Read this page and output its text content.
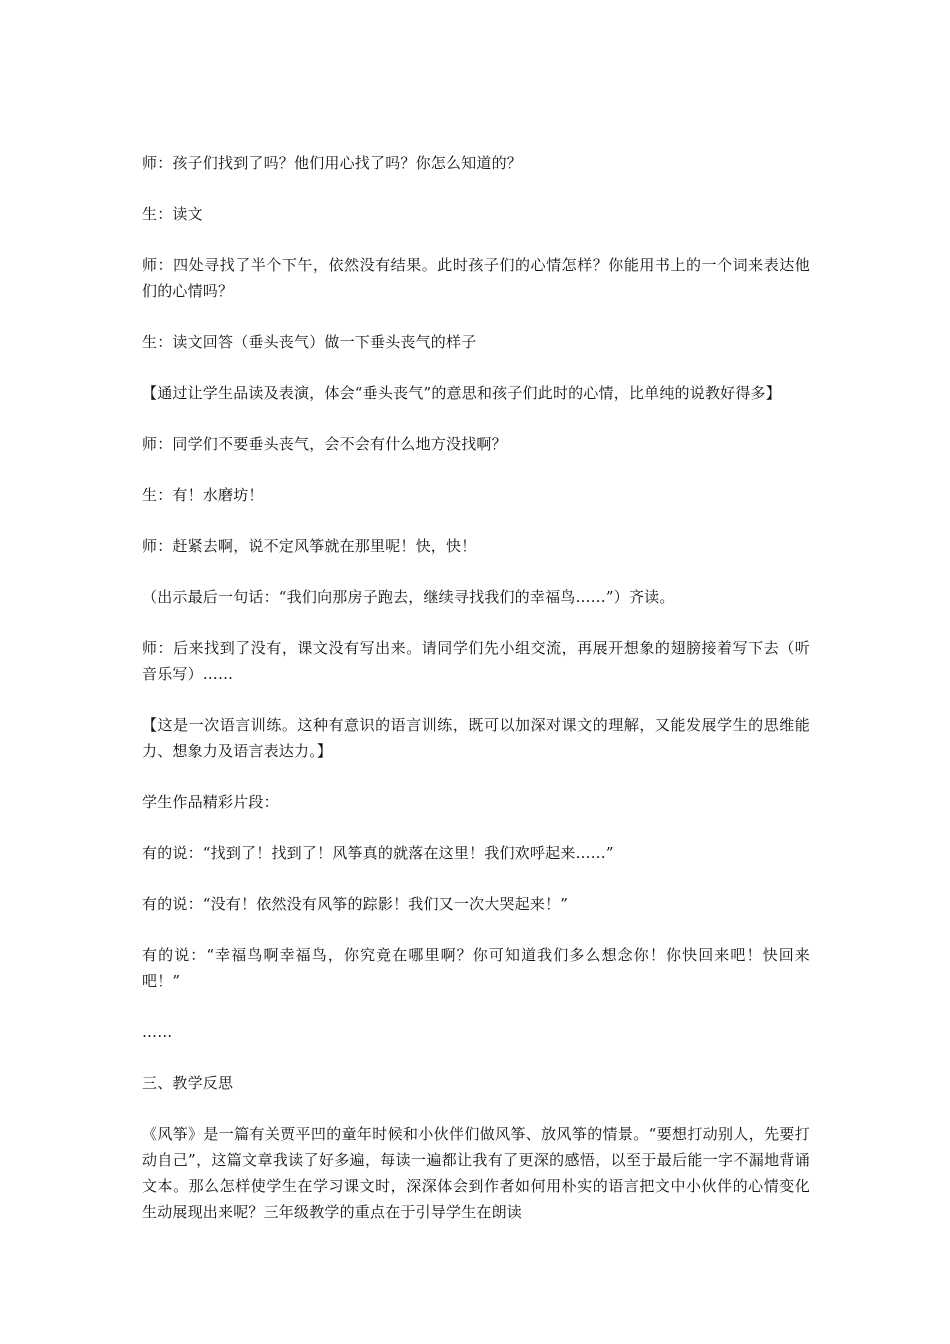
师：孩子们找到了吗？他们用心找了吗？你怎么知道的？

生：读文

师：四处寻找了半个下午，依然没有结果。此时孩子们的心情怎样？你能用书上的一个词来表达他们的心情吗？

生：读文回答（垂头丧气）做一下垂头丧气的样子

【通过让学生品读及表演，体会“垂头丧气”的意思和孩子们此时的心情，比单纯的说教好得多】

师：同学们不要垂头丧气，会不会有什么地方没找啊？

生：有！水磨坊！

师：赶紧去啊，说不定风筝就在那里呢！快，快！

（出示最后一句话：“我们向那房子跑去，继续寻找我们的幸福鸟……”）齐读。

师：后来找到了没有，课文没有写出来。请同学们先小组交流，再展开想象的翅膀接着写下去（听音乐写）……

【这是一次语言训练。这种有意识的语言训练，既可以加深对课文的理解，又能发展学生的思维能力、想象力及语言表达力。】

学生作品精彩片段：

有的说：“找到了！找到了！风筝真的就落在这里！我们欢呼起来……”

有的说：“没有！依然没有风筝的踪影！我们又一次大哭起来！”

有的说：“幸福鸟啊幸福鸟，你究竟在哪里啊？你可知道我们多么想念你！你快回来吧！快回来吧！”

……

三、教学反思

《风筝》是一篇有关贾平凹的童年时候和小伙伴们做风筝、放风筝的情景。“要想打动别人，先要打动自己”，这篇文章我读了好多遍，每读一遍都让我有了更深的感悟，以至于最后能一字不漏地背诵文本。那么怎样使学生在学习课文时，深深体会到作者如何用朴实的语言把文中小伙伴的心情变化生动展现出来呢？三年级教学的重点在于引导学生在朗读
